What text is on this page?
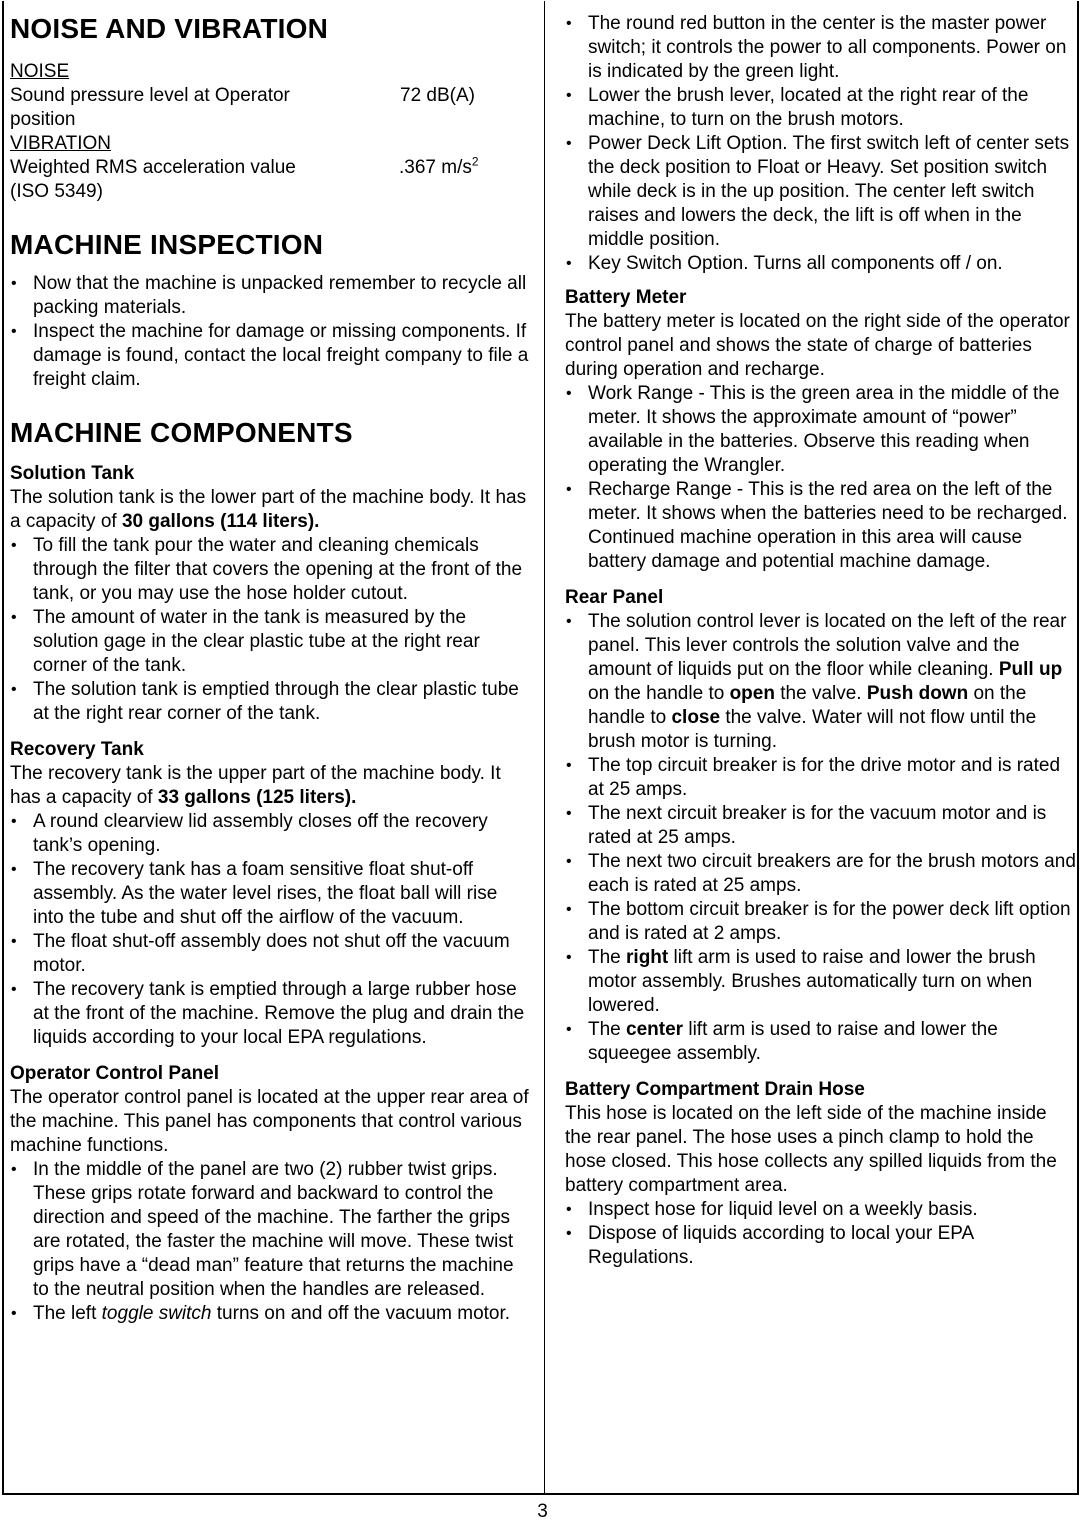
NOISE AND VIBRATION

NOISE

Sound pressure level at Operator position
72 dB(A)

VIBRATION

Weighted RMS acceleration value (ISO 5349)
.367 $m/s^2$
MACHINE INSPECTION
• Now that the machine is unpacked remember to recycle all packing materials.
• Inspect the machine for damage or missing components. If damage is found, contact the local freight company to file a freight claim.
MACHINE COMPONENTS
Solution Tank

The solution tank is the lower part of the machine body. It has a capacity of 30 gallons (114 liters).

• To fill the tank pour the water and cleaning chemicals through the filter that covers the opening at the front of the tank, or you may use the hose holder cutout.
• The amount of water in the tank is measured by the solution gage in the clear plastic tube at the right rear corner of the tank.
• The solution tank is emptied through the clear plastic tube at the right rear corner of the tank.
Recovery Tank

The recovery tank is the upper part of the machine body. It has a capacity of 33 gallons (125 liters).

• A round clearview lid assembly closes off the recovery tank’s opening.
• The recovery tank has a foam sensitive float shut-off assembly. As the water level rises, the float ball will rise into the tube and shut off the airflow of the vacuum.
• The float shut-off assembly does not shut off the vacuum motor.
• The recovery tank is emptied through a large rubber hose at the front of the machine. Remove the plug and drain the liquids according to your local EPA regulations.
Operator Control Panel

The operator control panel is located at the upper rear area of the machine. This panel has components that control various machine functions.

• In the middle of the panel are two (2) rubber twist grips. These grips rotate forward and backward to control the direction and speed of the machine. The farther the grips are rotated, the faster the machine will move. These twist grips have a “dead man” feature that returns the machine to the neutral position when the handles are released.
• The left toggle switch turns on and off the vacuum motor.
• The round red button in the center is the master power switch; it controls the power to all components. Power on is indicated by the green light.
• Lower the brush lever, located at the right rear of the machine, to turn on the brush motors.
• Power Deck Lift Option. The first switch left of center sets the deck position to Float or Heavy. Set position switch while deck is in the up position. The center left switch raises and lowers the deck, the lift is off when in the middle position.
• Key Switch Option. Turns all components off / on.
Battery Meter

The battery meter is located on the right side of the operator control panel and shows the state of charge of batteries during operation and recharge.

• Work Range - This is the green area in the middle of the meter. It shows the approximate amount of “power” available in the batteries. Observe this reading when operating the Wrangler.
• Recharge Range - This is the red area on the left of the meter. It shows when the batteries need to be recharged. Continued machine operation in this area will cause battery damage and potential machine damage.
Rear Panel
• The solution control lever is located on the left of the rear panel. This lever controls the solution valve and the amount of liquids put on the floor while cleaning. Pull up on the handle to open the valve. Push down on the handle to close the valve. Water will not flow until the brush motor is turning.
• The top circuit breaker is for the drive motor and is rated at 25 amps.
• The next circuit breaker is for the vacuum motor and is rated at 25 amps.
• The next two circuit breakers are for the brush motors and each is rated at 25 amps.
• The bottom circuit breaker is for the power deck lift option and is rated at 2 amps.
• The right lift arm is used to raise and lower the brush motor assembly. Brushes automatically turn on when lowered.
• The center lift arm is used to raise and lower the squeegee assembly.
Battery Compartment Drain Hose

This hose is located on the left side of the machine inside the rear panel. The hose uses a pinch clamp to hold the hose closed. This hose collects any spilled liquids from the battery compartment area.

• Inspect hose for liquid level on a weekly basis.
• Dispose of liquids according to local your EPA Regulations.
3
